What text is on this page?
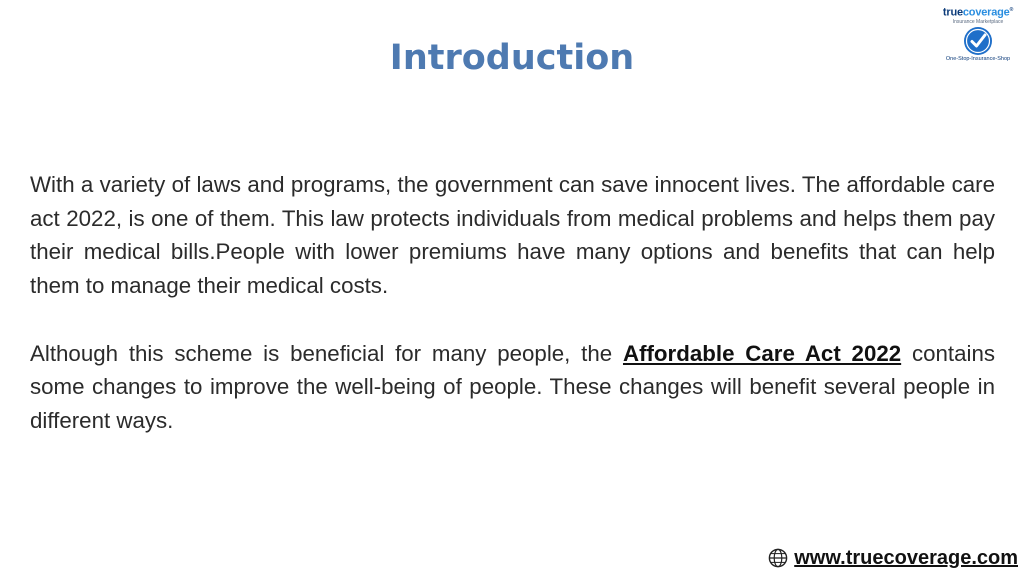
Introduction
truecoverage®
Insurance Marketplace
One-Stop-Insurance-Shop

With a variety of laws and programs, the government can save innocent lives. The affordable care act 2022, is one of them. This law protects individuals from medical problems and helps them pay their medical bills.People with lower premiums have many options and benefits that can help them to manage their medical costs.

Although this scheme is beneficial for many people, the Affordable Care Act 2022 contains some changes to improve the well-being of people. These changes will benefit several people in different ways.

www.truecoverage.com
